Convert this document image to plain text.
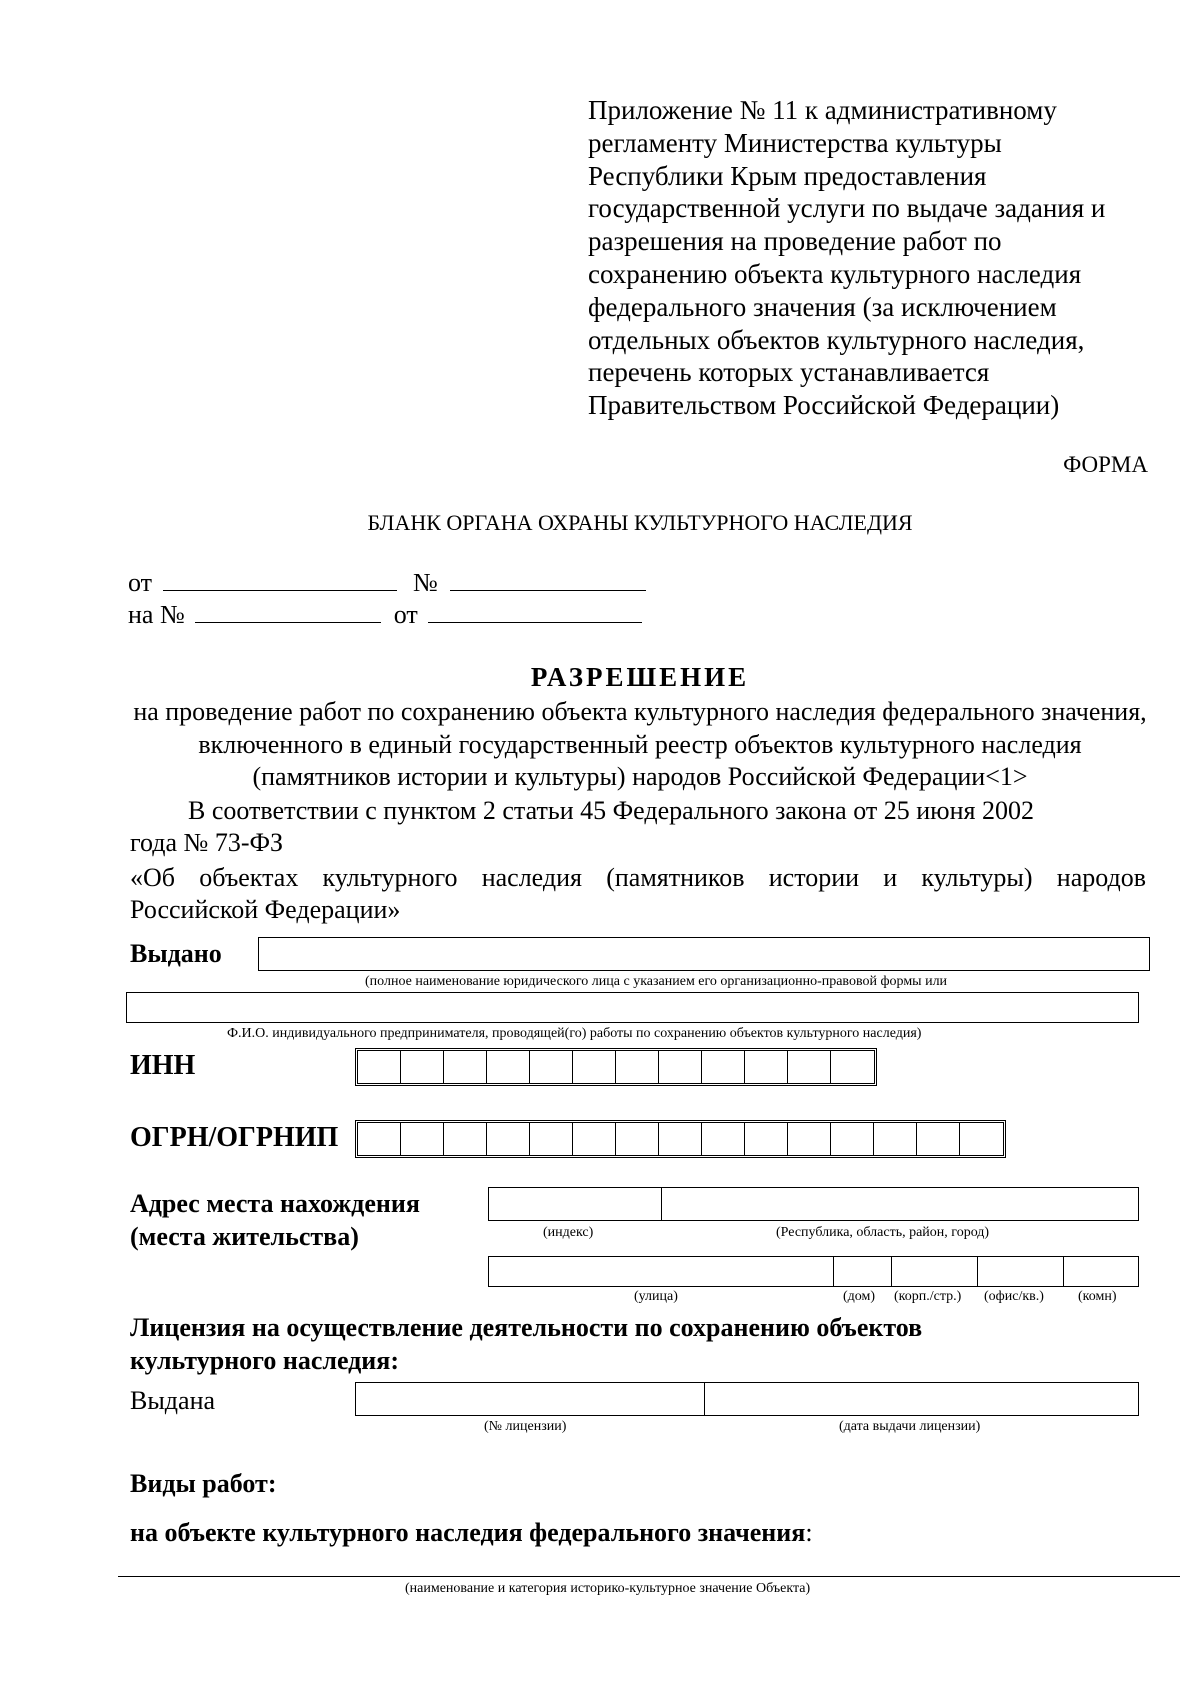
Приложение № 11 к административному
регламенту Министерства культуры
Республики Крым предоставления
государственной услуги по выдаче задания и
разрешения на проведение работ по
сохранению объекта культурного наследия
федерального значения (за исключением
отдельных объектов культурного наследия,
перечень которых устанавливается
Правительством Российской Федерации)
ФОРМА
БЛАНК ОРГАНА ОХРАНЫ КУЛЬТУРНОГО НАСЛЕДИЯ
от	№
на №	от
РАЗРЕШЕНИЕ
на проведение работ по сохранению объекта культурного наследия федерального значения, включенного в единый государственный реестр объектов культурного наследия (памятников истории и культуры) народов Российской Федерации<1>
В соответствии с пунктом 2 статьи 45 Федерального закона от 25 июня 2002
года № 73-ФЗ
«Об объектах культурного наследия (памятников истории и культуры) народов
Российской Федерации»
Выдано
(полное наименование юридического лица с указанием его организационно-правовой формы или
Ф.И.О. индивидуального предпринимателя, проводящей(го) работы по сохранению объектов культурного наследия)
ИНН
ОГРН/ОГРНИП
Адрес места нахождения
(места жительства)	(индекс)	(Республика, область, район, город)
(улица)	(дом) (корп./стр.) (офис/кв.) (комн)
Лицензия на осуществление деятельности по сохранению объектов
культурного наследия:
Выдана
(№ лицензии)	(дата выдачи лицензии)
Виды работ:
на объекте культурного наследия федерального значения:
(наименование и категория историко-культурное значение Объекта)
